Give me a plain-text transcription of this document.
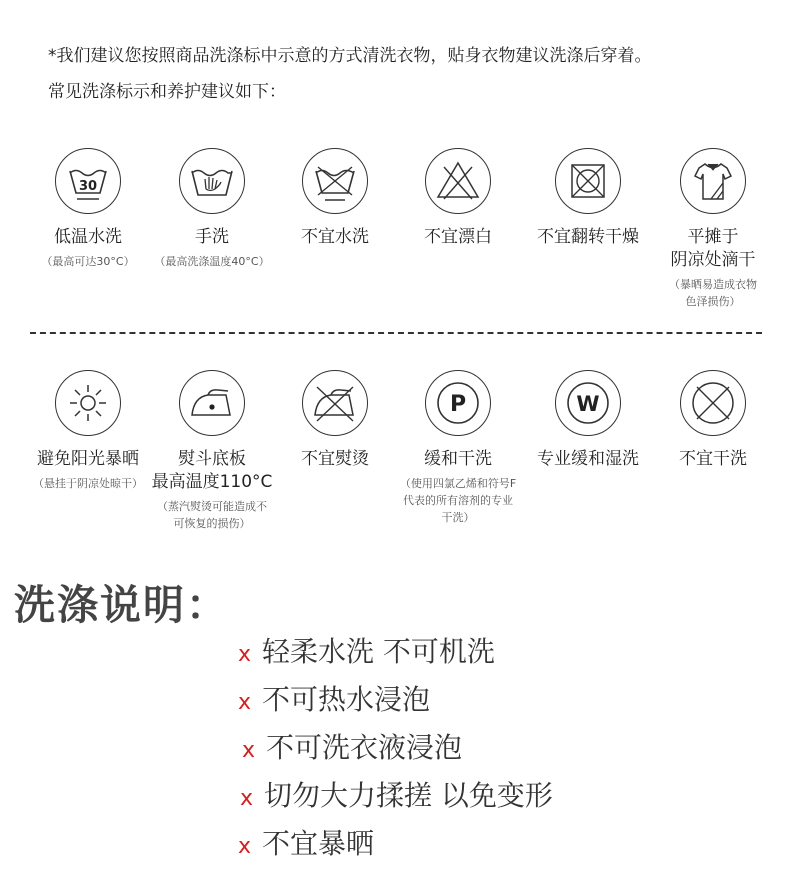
*我们建议您按照商品洗涤标中示意的方式清洗衣物，贴身衣物建议洗涤后穿着。
常见洗涤标示和养护建议如下：
30
低温水洗
（最高可达30°C）
手洗
（最高洗涤温度40°C）
不宜水洗	不宜漂白	不宜翻转干燥	平摊于
阴凉处滴干
（暴晒易造成衣物
色泽损伤）
避免阳光暴晒
（悬挂于阴凉处晾干）
熨斗底板
最高温度110°C
（蒸汽熨烫可能造成不
可恢复的损伤）
不宜熨烫
P
缓和干洗
（使用四氯乙烯和符号F
代表的所有溶剂的专业
干洗）
W
专业缓和湿洗	不宜干洗
洗涤说明：
x 轻柔水洗 不可机洗
x 不可热水浸泡
x 不可洗衣液浸泡
x 切勿大力揉搓 以免变形
x 不宜暴晒
